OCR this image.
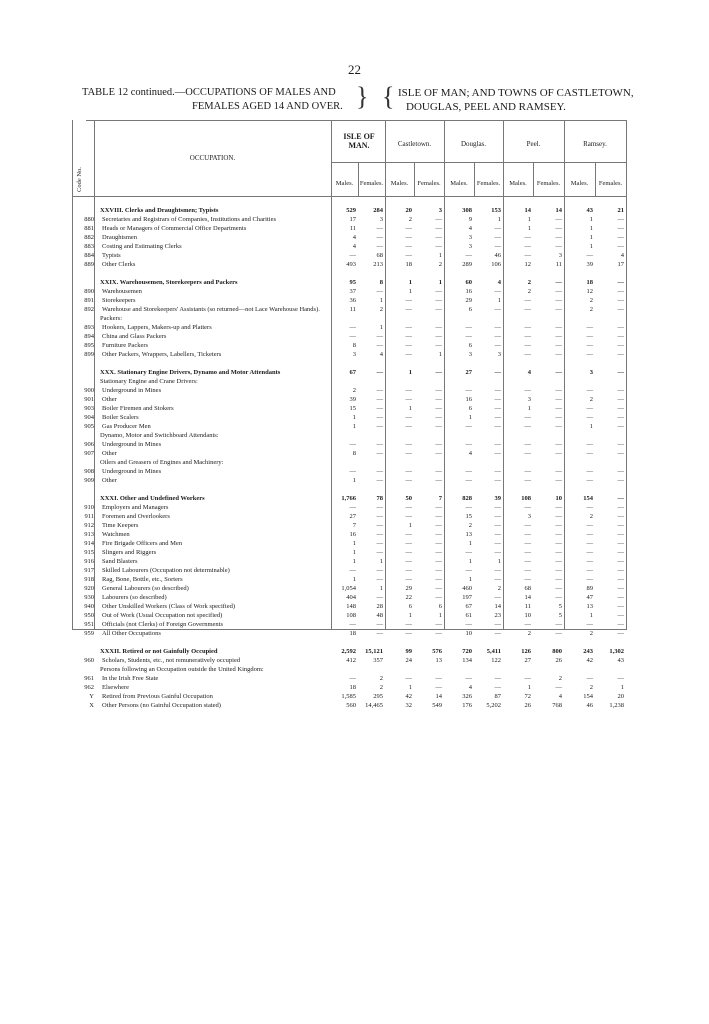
22
TABLE 12 continued.—OCCUPATIONS OF MALES AND
FEMALES AGED 14 AND OVER. } { ISLE OF MAN; AND TOWNS OF CASTLETOWN,
DOUGLAS, PEEL AND RAMSEY.
Code No.
OCCUPATION.
ISLE OF MAN.	Castletown.	Douglas.	Peel.	Ramsey.
Males.	Females.	Males.	Females.	Males.	Females.	Males.	Females.	Males.	Females.
XXVIII. Clerks and Draughtsmen; Typists	529	284	20	3	308	153	14	14	43	21
880	Secretaries and Registrars of Companies, Institutions and Charities	17	3	2	—	9	1	1	—	1	—
881	Heads or Managers of Commercial Office Departments	11	—	—	—	4	—	1	—	1	—
882	Draughtsmen	4	—	—	—	3	—	—	—	1	—
883	Costing and Estimating Clerks	4	—	—	—	3	—	—	—	1	—
884	Typists	—	68	—	1	—	46	—	3	—	4
889	Other Clerks	493	213	18	2	289	106	12	11	39	17
XXIX. Warehousemen, Storekeepers and Packers	95	8	1	1	60	4	2	—	18	—
890	Warehousemen	37	—	1	—	16	—	2	—	12	—
891	Storekeepers	36	1	—	—	29	1	—	—	2	—
892	Warehouse and Storekeepers' Assistants (so returned—not Lace Warehouse Hands).	11	2	—	—	6	—	—	—	2	—
Packers:
893	Hookers, Lappers, Makers-up and Platters	—	1	—	—	—	—	—	—	—	—
894	China and Glass Packers	—	—	—	—	—	—	—	—	—	—
895	Furniture Packers	8	—	—	—	6	—	—	—	—	—
899	Other Packers, Wrappers, Labellers, Ticketers	3	4	—	1	3	3	—	—	—	—
XXX. Stationary Engine Drivers, Dynamo and Motor Attendants	67	—	1	—	27	—	4	—	3	—
Stationary Engine and Crane Drivers:
900	Underground in Mines	2	—	—	—	—	—	—	—	—	—
901	Other	39	—	—	—	16	—	3	—	2	—
903	Boiler Firemen and Stokers	15	—	1	—	6	—	1	—	—	—
904	Boiler Scalers	1	—	—	—	1	—	—	—	—	—
905	Gas Producer Men	1	—	—	—	—	—	—	—	1	—
Dynamo, Motor and Switchboard Attendants:
906	Underground in Mines	—	—	—	—	—	—	—	—	—	—
907	Other	8	—	—	—	4	—	—	—	—	—
Oilers and Greasers of Engines and Machinery:
908	Underground in Mines	—	—	—	—	—	—	—	—	—	—
909	Other	1	—	—	—	—	—	—	—	—	—
XXXI. Other and Undefined Workers	1,766	78	50	7	828	39	108	10	154	—
910	Employers and Managers	—	—	—	—	—	—	—	—	—	—
911	Foremen and Overlookers	27	—	—	—	15	—	3	—	2	—
912	Time Keepers	7	—	1	—	2	—	—	—	—	—
913	Watchmen	16	—	—	—	13	—	—	—	—	—
914	Fire Brigade Officers and Men	1	—	—	—	1	—	—	—	—	—
915	Slingers and Riggers	1	—	—	—	—	—	—	—	—	—
916	Sand Blasters	1	1	—	—	1	1	—	—	—	—
917	Skilled Labourers (Occupation not determinable)	—	—	—	—	—	—	—	—	—	—
918	Rag, Bone, Bottle, etc., Sorters	1	—	—	—	1	—	—	—	—	—
920	General Labourers (so described)	1,054	1	29	—	460	2	68	—	89	—
930	Labourers (so described)	404	—	22	—	197	—	14	—	47	—
940	Other Unskilled Workers (Class of Work specified)	148	28	6	6	67	14	11	5	13	—
950	Out of Work (Usual Occupation not specified)	108	48	1	1	61	23	10	5	1	—
951	Officials (not Clerks) of Foreign Governments	—	—	—	—	—	—	—	—	—	—
959	All Other Occupations	18	—	—	—	10	—	2	—	2	—
XXXII. Retired or not Gainfully Occupied	2,592	15,121	99	576	720	5,411	126	800	243	1,302
960	Scholars, Students, etc., not remuneratively occupied	412	357	24	13	134	122	27	26	42	43
Persons following an Occupation outside the United Kingdom:
961	In the Irish Free State	—	2	—	—	—	—	—	2	—	—
962	Elsewhere	18	2	1	—	4	—	1	—	2	1
Y	Retired from Previous Gainful Occupation	1,585	295	42	14	326	87	72	4	154	20
X	Other Persons (no Gainful Occupation stated)	560	14,465	32	549	176	5,202	26	768	46	1,238
